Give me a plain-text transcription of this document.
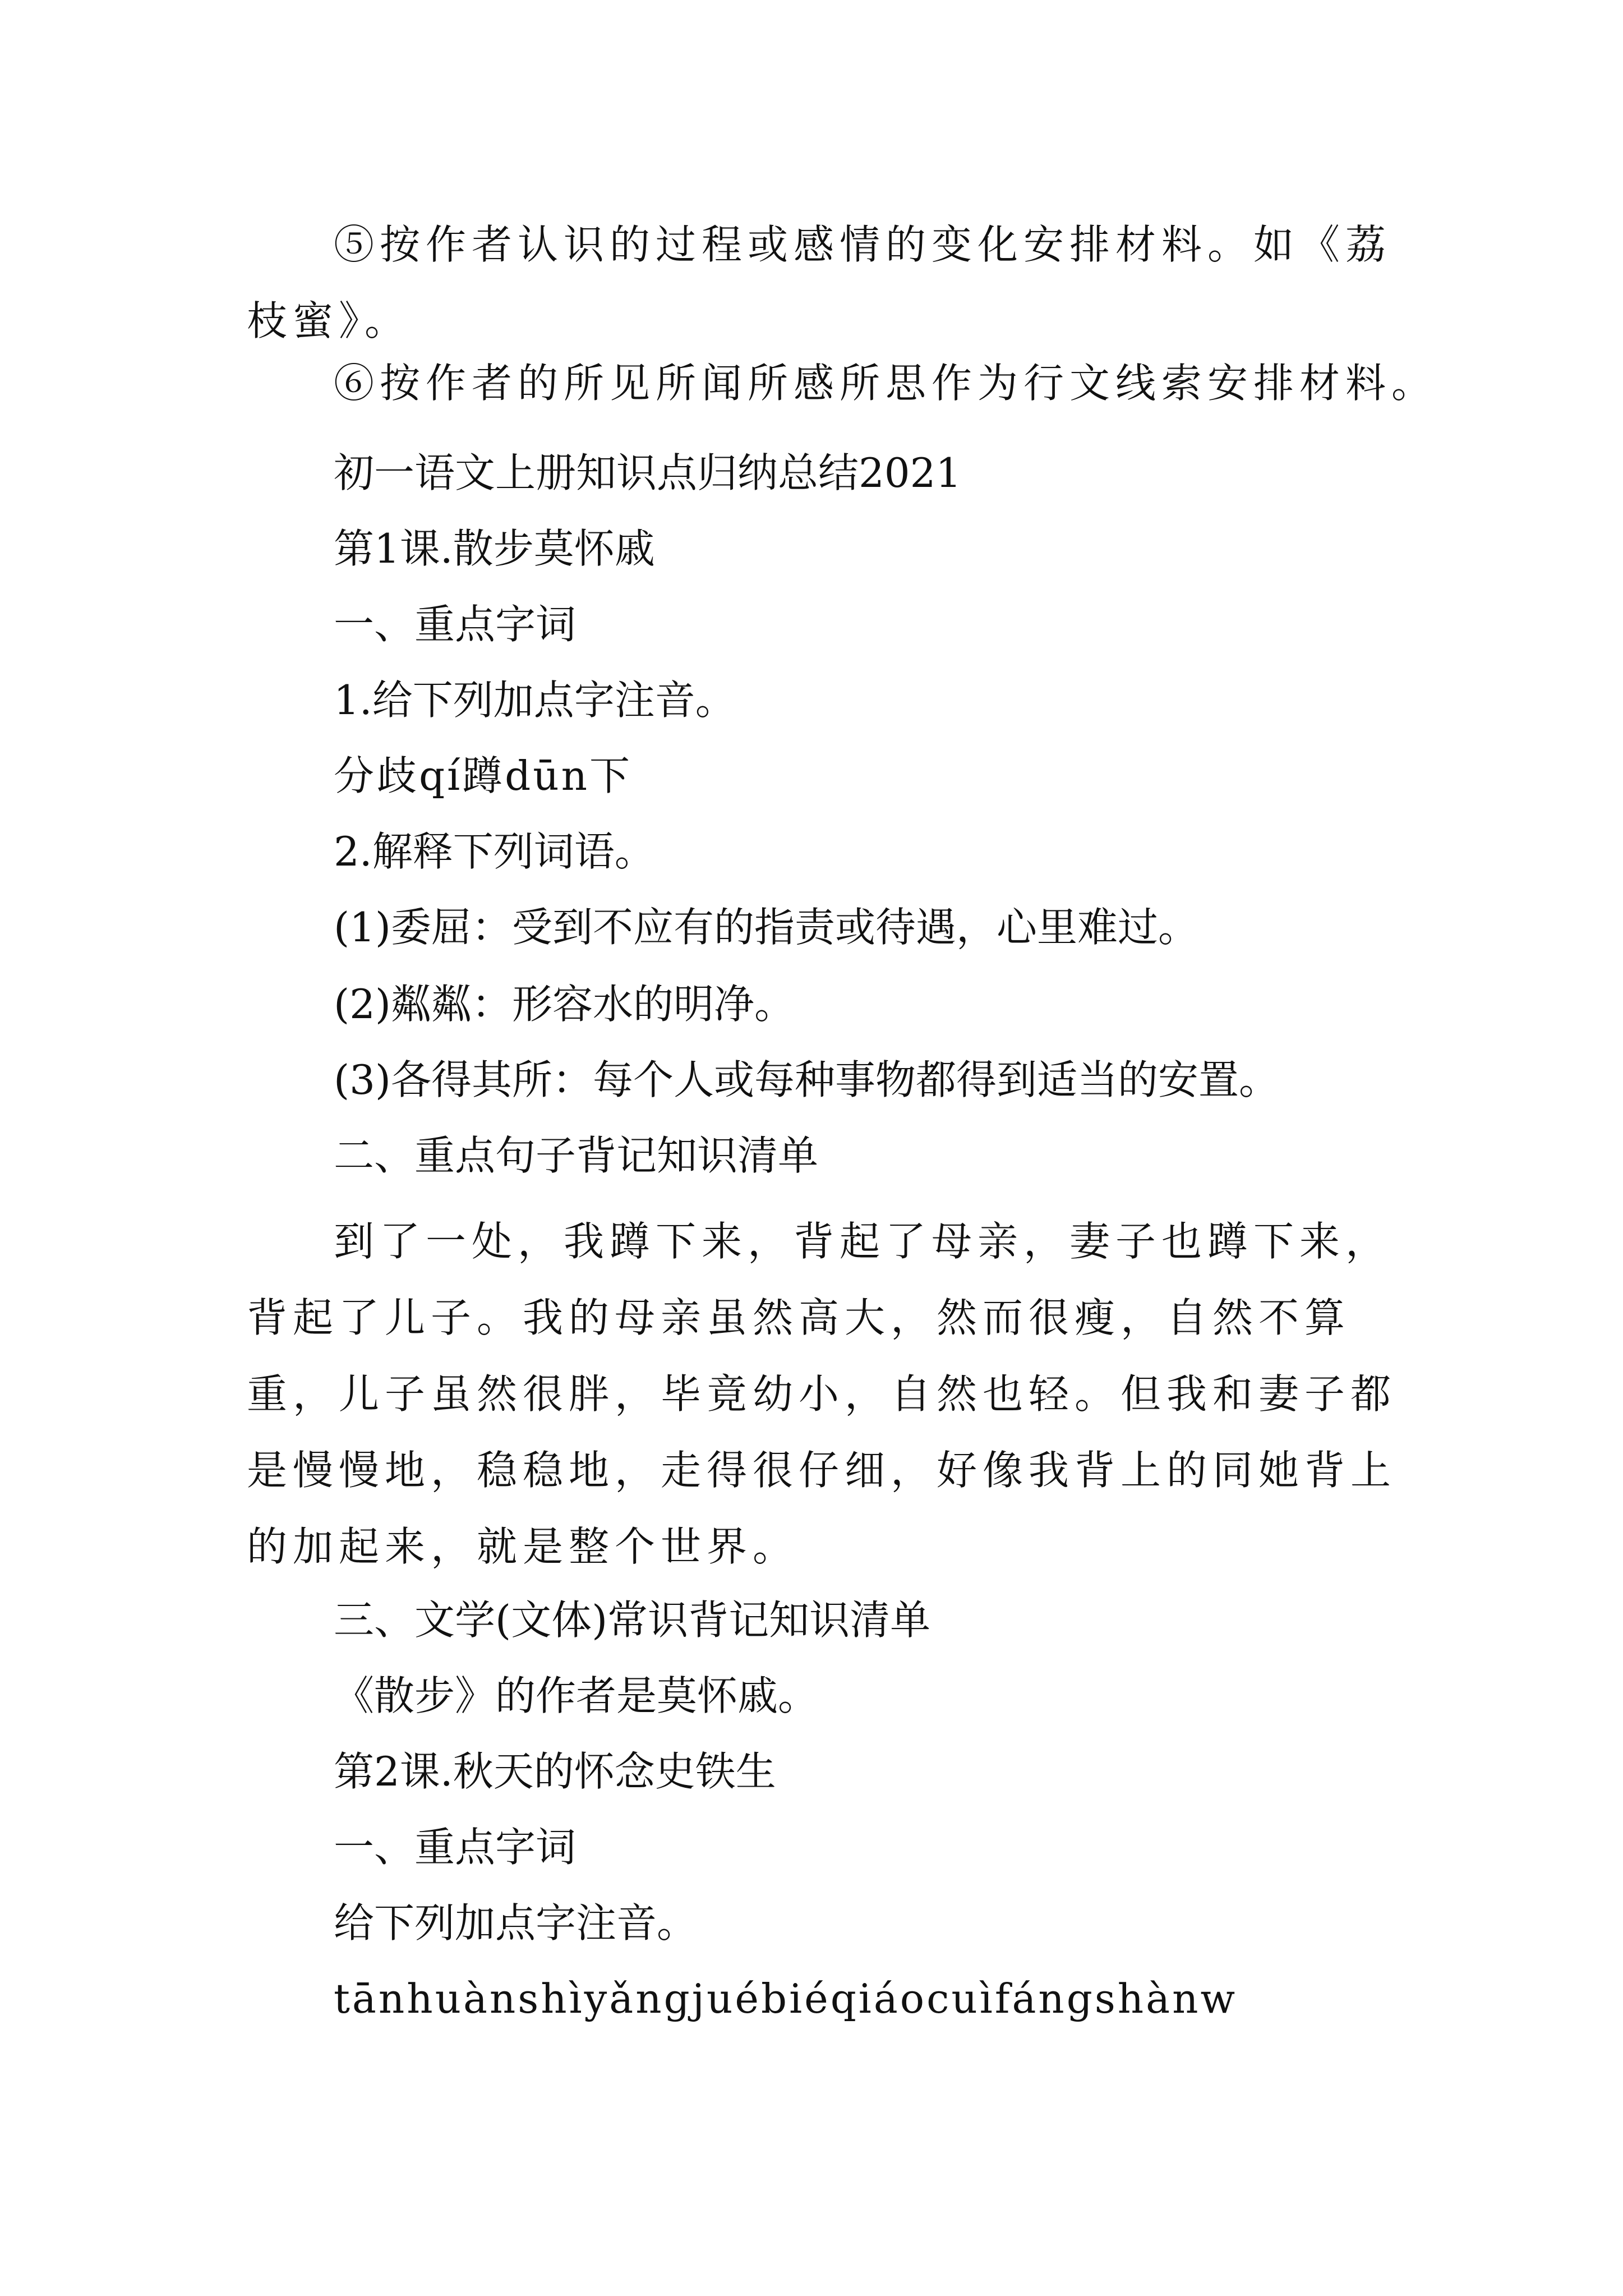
⑤按作者认识的过程或感情的变化安排材料。如《荔枝蜜》。
⑥按作者的所见所闻所感所思作为行文线索安排材料。
初一语文上册知识点归纳总结2021
第1课.散步莫怀戚
一、重点字词
1.给下列加点字注音。
分歧qí蹲dūn下
2.解释下列词语。
(1)委屈：受到不应有的指责或待遇，心里难过。
(2)粼粼：形容水的明净。
(3)各得其所：每个人或每种事物都得到适当的安置。
二、重点句子背记知识清单
到了一处，我蹲下来，背起了母亲，妻子也蹲下来，背起了儿子。我的母亲虽然高大，然而很瘦，自然不算重，儿子虽然很胖，毕竟幼小，自然也轻。但我和妻子都是慢慢地，稳稳地，走得很仔细，好像我背上的同她背上的加起来，就是整个世界。
三、文学(文体)常识背记知识清单
《散步》的作者是莫怀戚。
第2课.秋天的怀念史铁生
一、重点字词
给下列加点字注音。
tānhuànshìyǎngjuébiéqiáocuìfángshànw
